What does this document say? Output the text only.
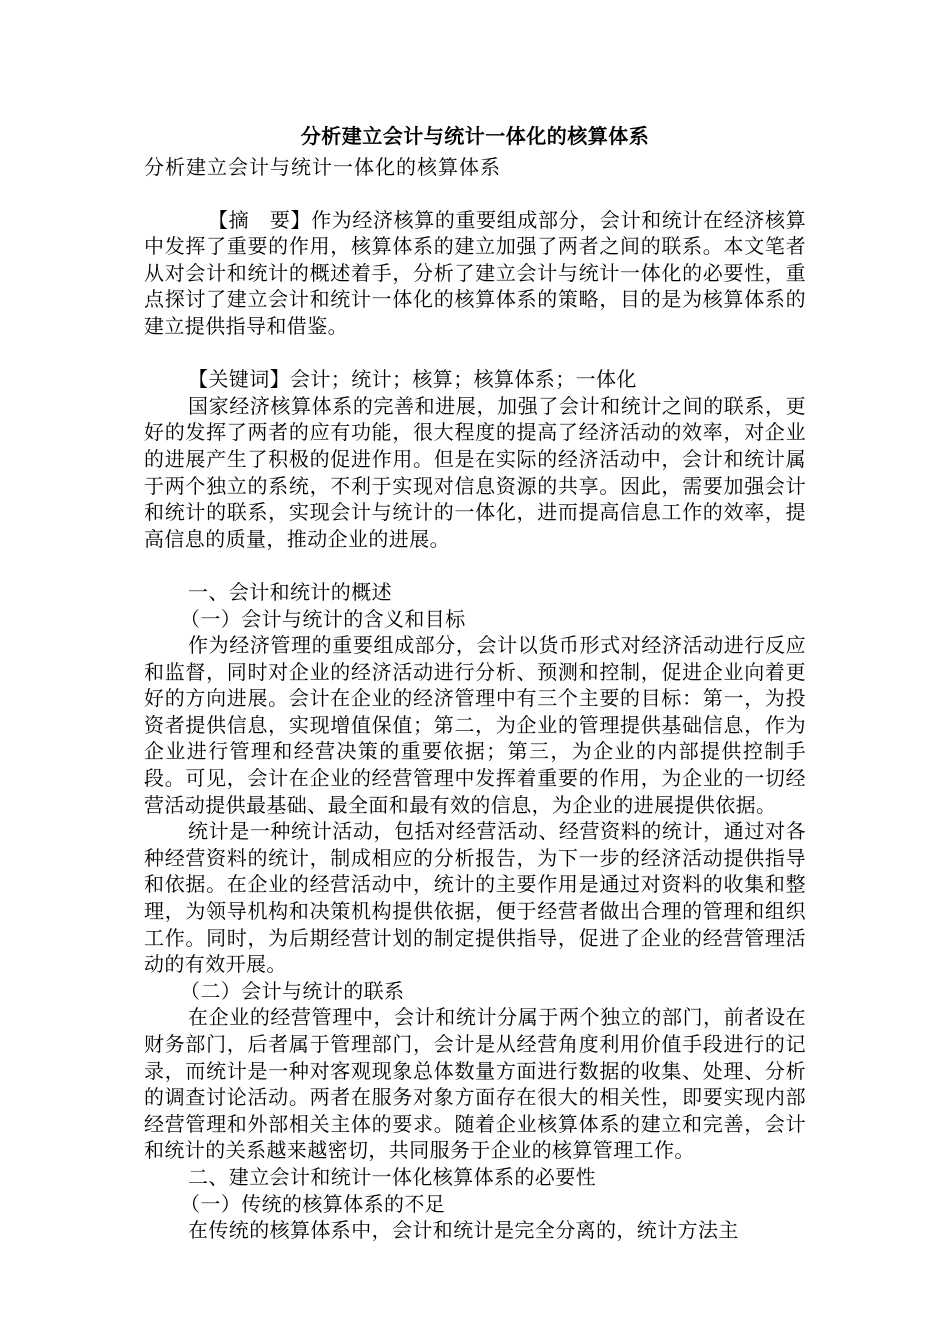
分析建立会计与统计一体化的核算体系

分析建立会计与统计一体化的核算体系

【摘　要】作为经济核算的重要组成部分，会计和统计在经济核算中发挥了重要的作用，核算体系的建立加强了两者之间的联系。本文笔者从对会计和统计的概述着手，分析了建立会计与统计一体化的必要性，重点探讨了建立会计和统计一体化的核算体系的策略，目的是为核算体系的建立提供指导和借鉴。

【关键词】会计；统计；核算；核算体系；一体化

国家经济核算体系的完善和进展，加强了会计和统计之间的联系，更好的发挥了两者的应有功能，很大程度的提高了经济活动的效率，对企业的进展产生了积极的促进作用。但是在实际的经济活动中，会计和统计属于两个独立的系统，不利于实现对信息资源的共享。因此，需要加强会计和统计的联系，实现会计与统计的一体化，进而提高信息工作的效率，提高信息的质量，推动企业的进展。

一、会计和统计的概述

（一）会计与统计的含义和目标

作为经济管理的重要组成部分，会计以货币形式对经济活动进行反应和监督，同时对企业的经济活动进行分析、预测和控制，促进企业向着更好的方向进展。会计在企业的经济管理中有三个主要的目标：第一，为投资者提供信息，实现增值保值；第二，为企业的管理提供基础信息，作为企业进行管理和经营决策的重要依据；第三，为企业的内部提供控制手段。可见，会计在企业的经营管理中发挥着重要的作用，为企业的一切经营活动提供最基础、最全面和最有效的信息，为企业的进展提供依据。

统计是一种统计活动，包括对经营活动、经营资料的统计，通过对各种经营资料的统计，制成相应的分析报告，为下一步的经济活动提供指导和依据。在企业的经营活动中，统计的主要作用是通过对资料的收集和整理，为领导机构和决策机构提供依据，便于经营者做出合理的管理和组织工作。同时，为后期经营计划的制定提供指导，促进了企业的经营管理活动的有效开展。

（二）会计与统计的联系

在企业的经营管理中，会计和统计分属于两个独立的部门，前者设在财务部门，后者属于管理部门，会计是从经营角度利用价值手段进行的记录，而统计是一种对客观现象总体数量方面进行数据的收集、处理、分析的调查讨论活动。两者在服务对象方面存在很大的相关性，即要实现内部经营管理和外部相关主体的要求。随着企业核算体系的建立和完善，会计和统计的关系越来越密切，共同服务于企业的核算管理工作。

二、建立会计和统计一体化核算体系的必要性

（一）传统的核算体系的不足

在传统的核算体系中，会计和统计是完全分离的，统计方法主
